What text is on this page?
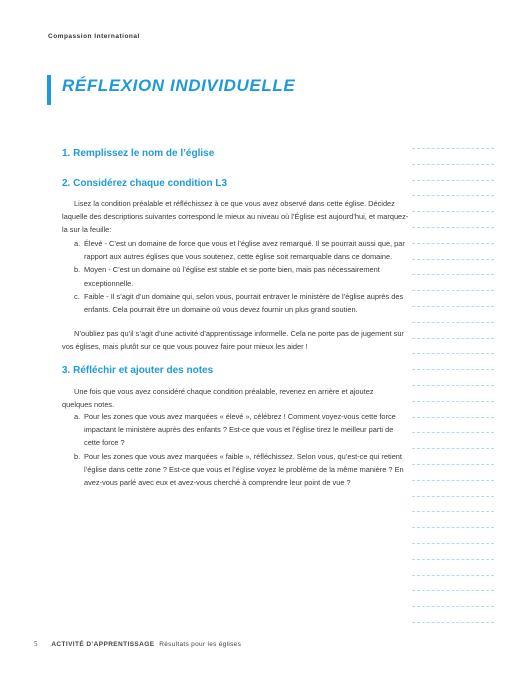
Compassion International
RÉFLEXION INDIVIDUELLE
1. Remplissez le nom de l’église
2. Considérez chaque condition L3

Lisez la condition préalable et réfléchissez à ce que vous avez observé dans cette église. Décidez laquelle des descriptions suivantes correspond le mieux au niveau où l’Église est aujourd’hui, et marquez-la sur la feuille:

a. Élevé - C’est un domaine de force que vous et l’église avez remarqué. Il se pourrait aussi que, par rapport aux autres églises que vous soutenez, cette église soit remarquable dans ce domaine.
b. Moyen - C’est un domaine où l’église est stable et se porte bien, mais pas nécessairement exceptionnelle.
c. Faible - Il s’agit d’un domaine qui, selon vous, pourrait entraver le ministère de l’église auprès des enfants. Cela pourrait être un domaine où vous devez fournir un plus grand soutien.

N’oubliez pas qu’il s’agit d’une activité d’apprentissage informelle. Cela ne porte pas de jugement sur vos églises, mais plutôt sur ce que vous pouvez faire pour mieux les aider !

3. Réfléchir et ajouter des notes

Une fois que vous avez considéré chaque condition préalable, revenez en arrière et ajoutez quelques notes.

a. Pour les zones que vous avez marquées « élevé », célébrez ! Comment voyez-vous cette force impactant le ministère auprès des enfants ? Est-ce que vous et l’église tirez le meilleur parti de cette force ?
b. Pour les zones que vous avez marquées « faible », réfléchissez. Selon vous, qu’est-ce qui retient l’église dans cette zone ? Est-ce que vous et l’église voyez le problème de la même manière ? En avez-vous parlé avec eux et avez-vous cherché à comprendre leur point de vue ?
5 ACTIVITÉ D’APPRENTISSAGE Résultats pour les églises
